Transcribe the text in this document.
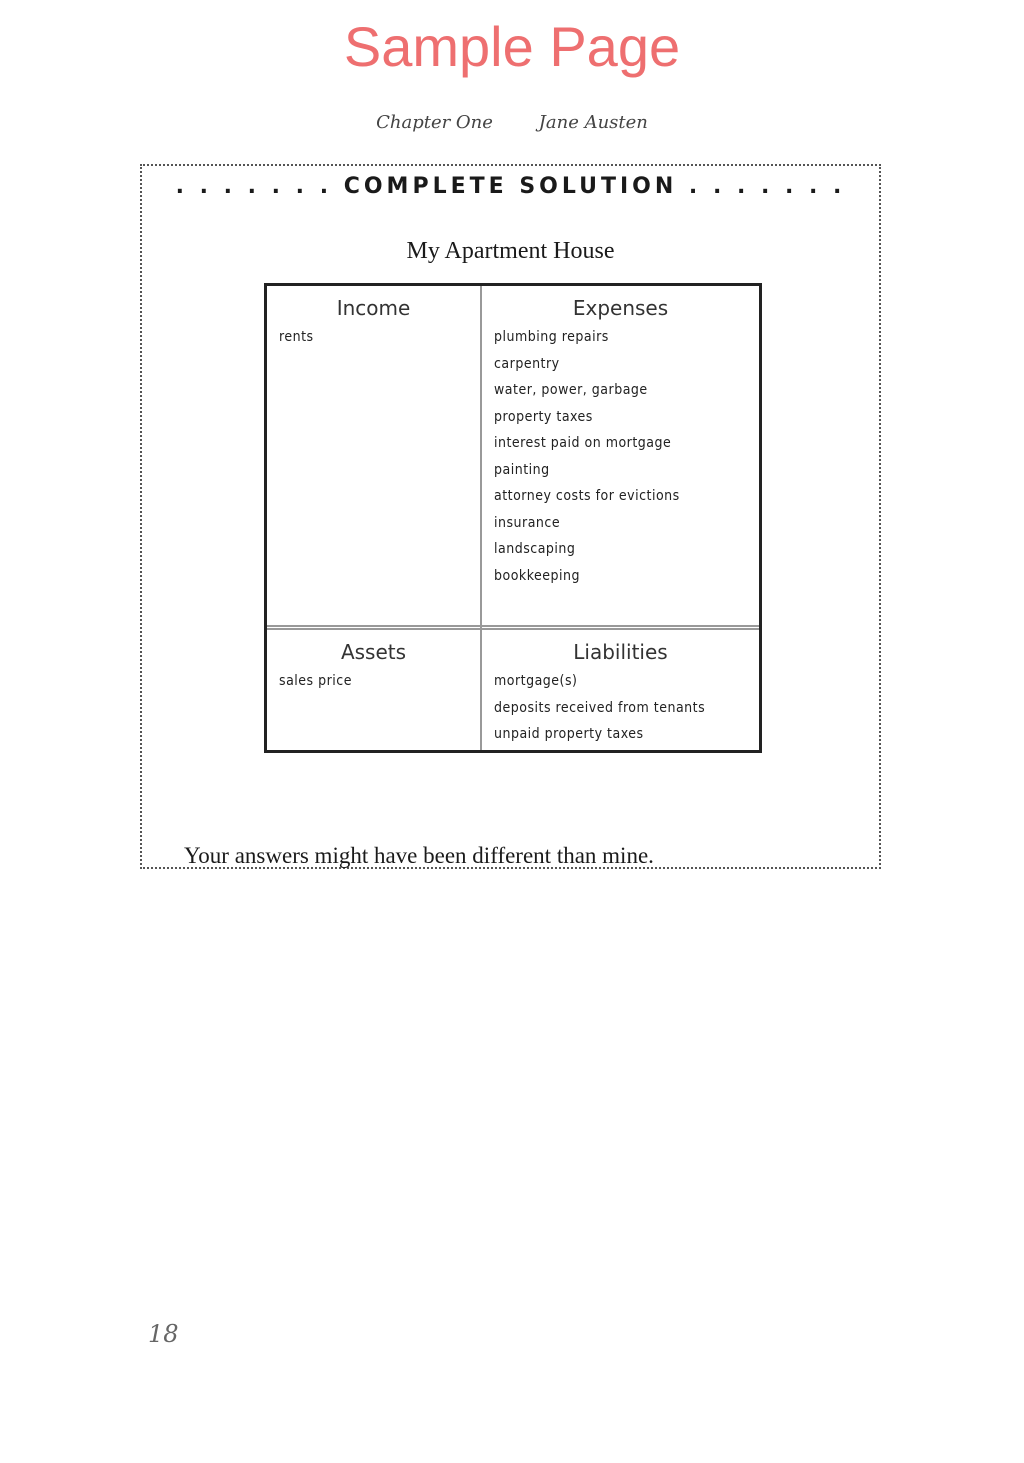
Sample Page
Chapter One	Jane Austen
. . . . . . . COMPLETE SOLUTION . . . . . . .
My Apartment House
Income
rents
Expenses
plumbing repairs
carpentry
water, power, garbage
property taxes
interest paid on mortgage
painting
attorney costs for evictions
insurance
landscaping
bookkeeping
Assets
sales price
Liabilities
mortgage(s)
deposits received from tenants
unpaid property taxes
Your answers might have been different than mine.
18
